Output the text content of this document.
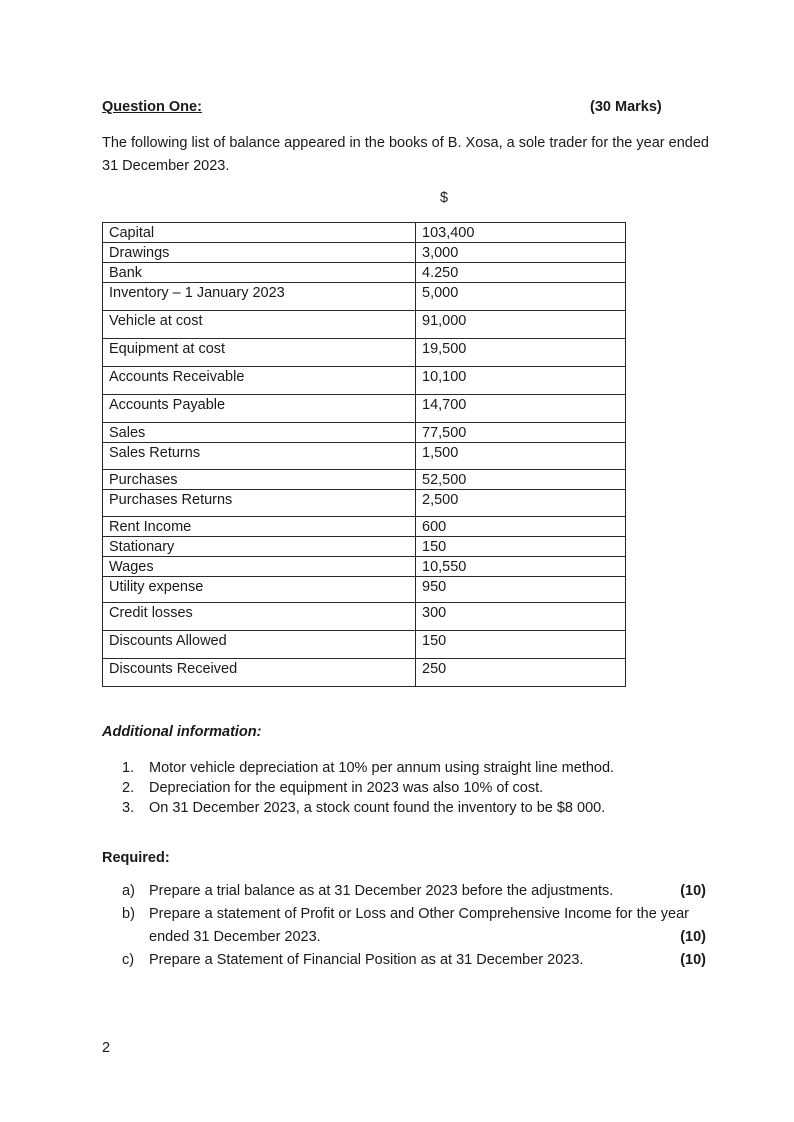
Question One:	(30 Marks)
The following list of balance appeared in the books of B. Xosa, a sole trader for the year ended 31 December 2023.
$
Capital	103,400
Drawings	3,000
Bank	4.250
Inventory – 1 January 2023	5,000
Vehicle at cost	91,000
Equipment at cost	19,500
Accounts Receivable	10,100
Accounts Payable	14,700
Sales	77,500
Sales Returns	1,500
Purchases	52,500
Purchases Returns	2,500
Rent Income	600
Stationary	150
Wages	10,550
Utility expense	950
Credit losses	300
Discounts Allowed	150
Discounts Received	250
Additional information:
1.	Motor vehicle depreciation at 10% per annum using straight line method.
2.	Depreciation for the equipment in 2023 was also 10% of cost.
3.	On 31 December 2023, a stock count found the inventory to be $8 000.
Required:
a) Prepare a trial balance as at 31 December 2023 before the adjustments.	(10)
b) Prepare a statement of Profit or Loss and Other Comprehensive Income for the year ended 31 December 2023.	(10)
c)	Prepare a Statement of Financial Position as at 31 December 2023.	(10)
2
